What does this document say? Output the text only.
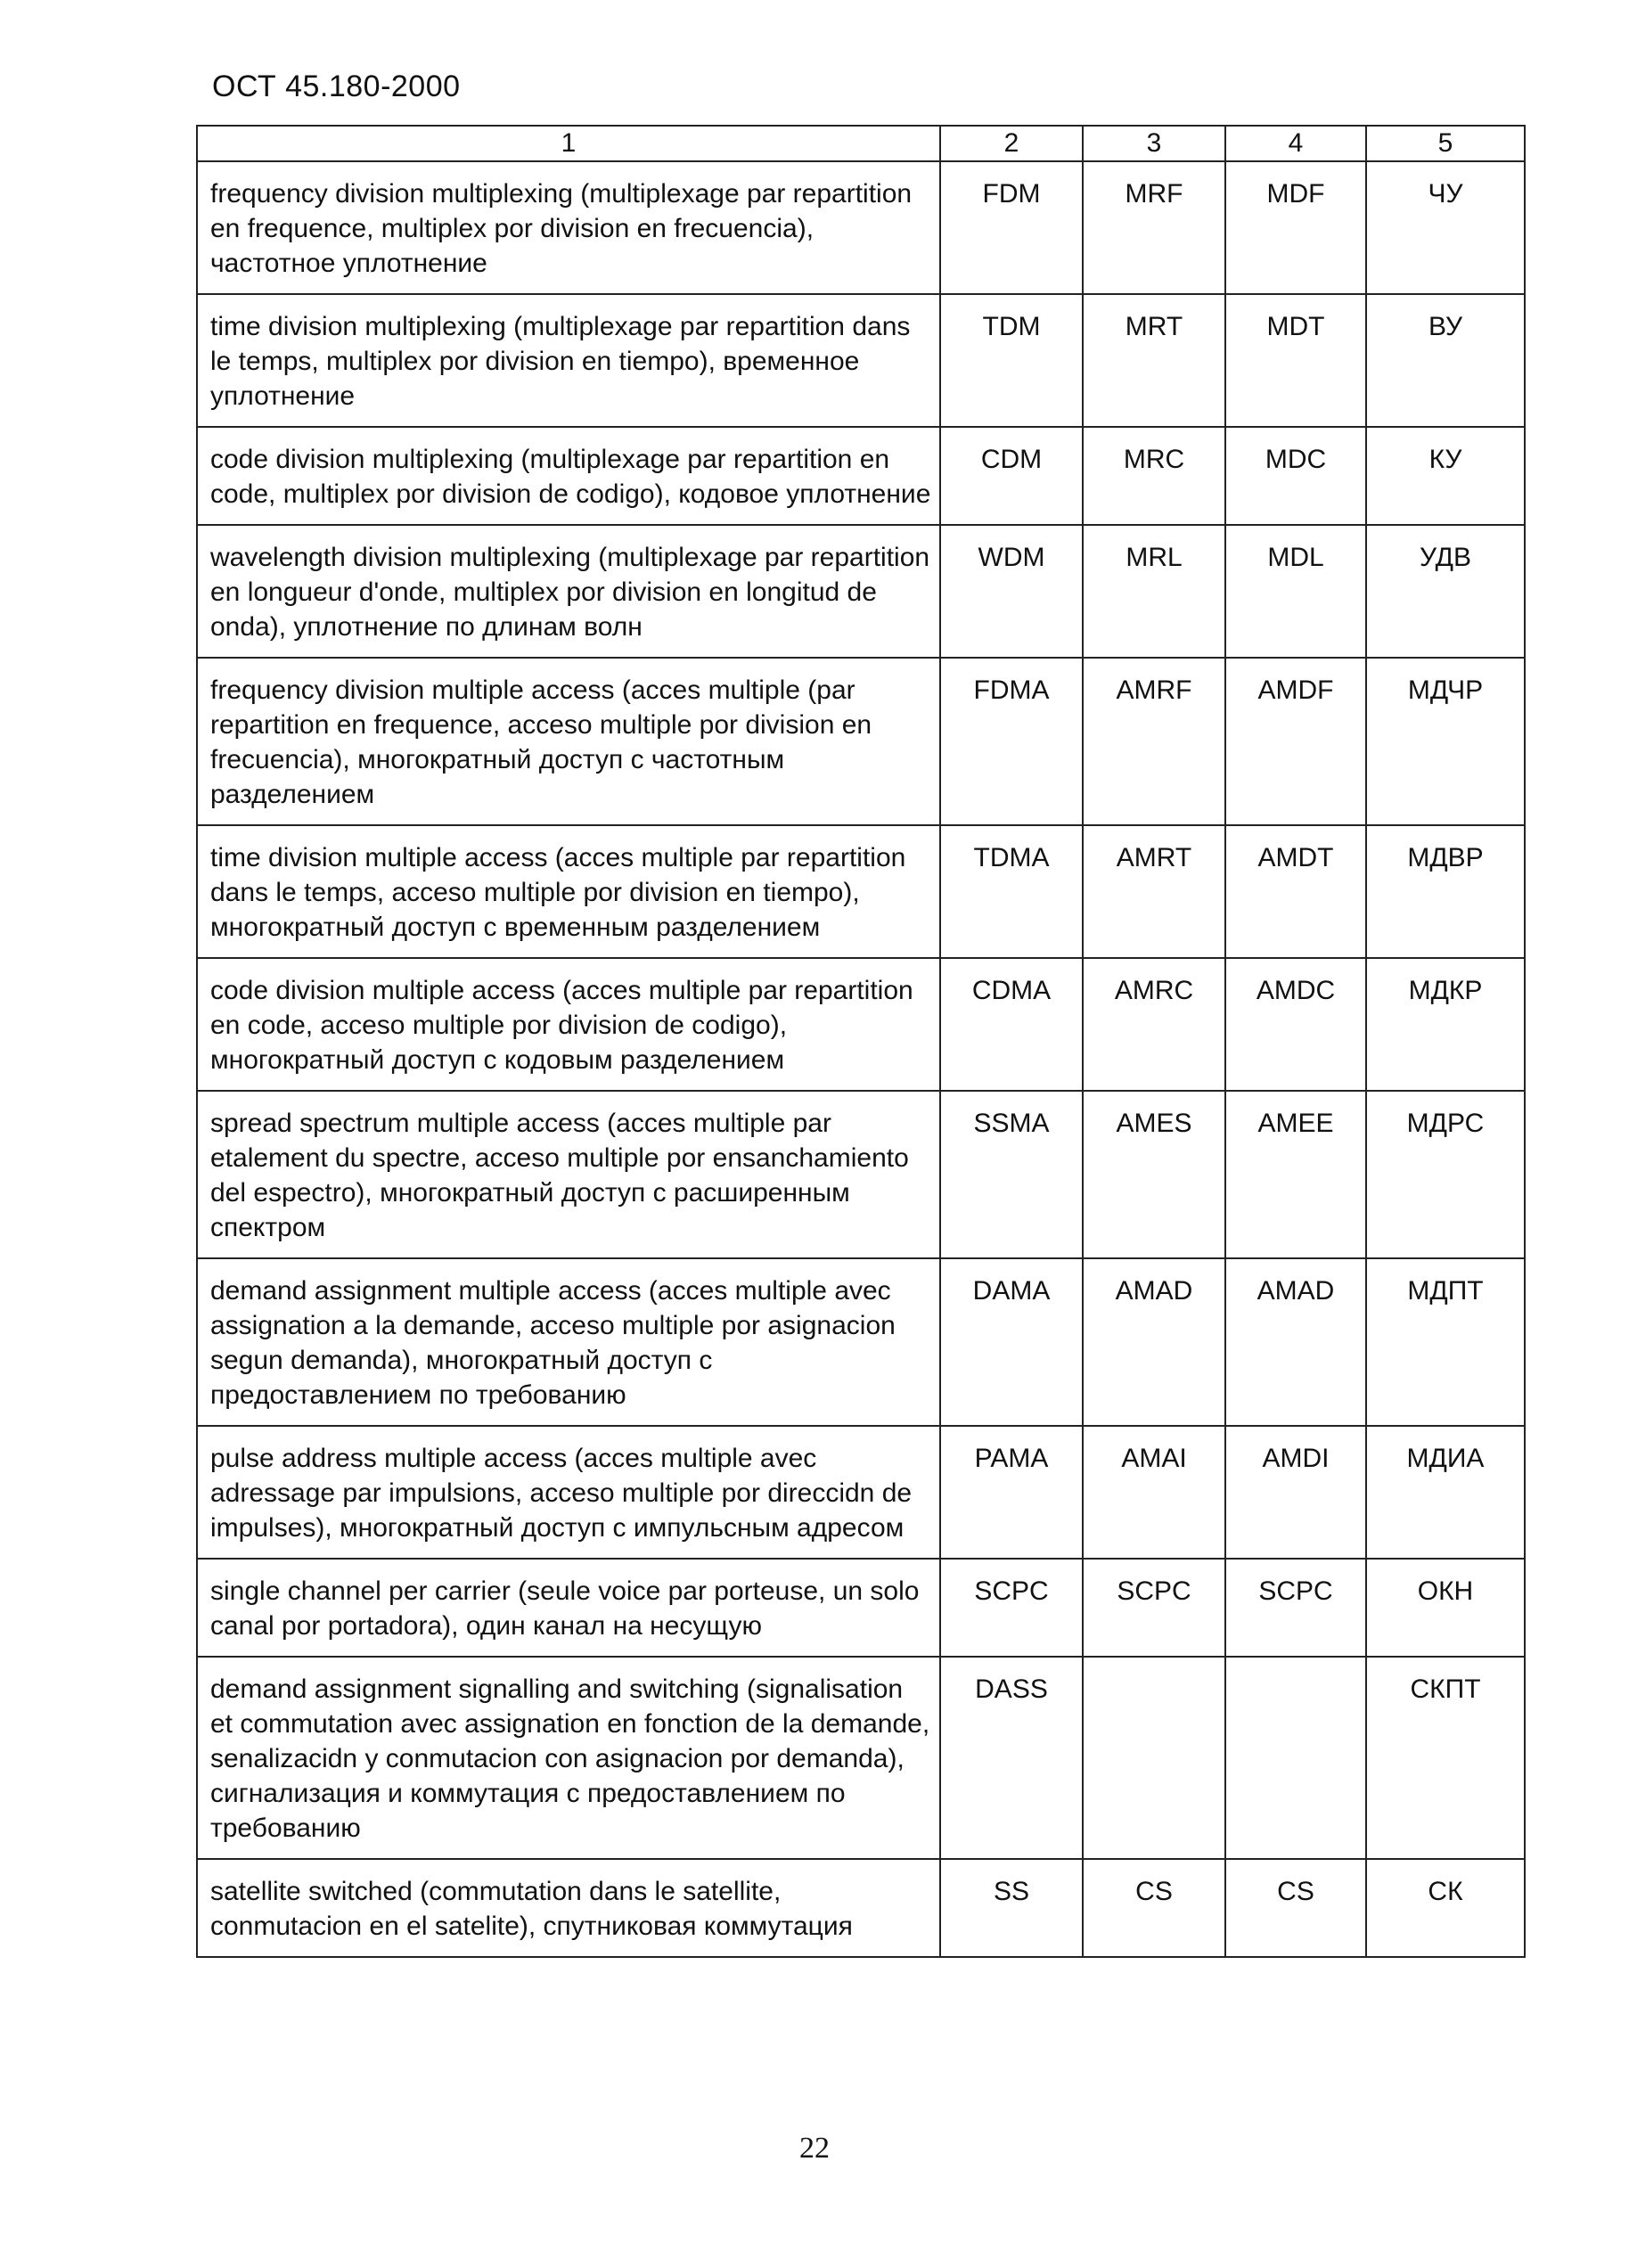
ОСТ 45.180-2000
1	2	3	4	5
frequency division multiplexing (multiplexage par repartition en frequence, multiplex por division en frecuencia), частотное уплотнение	FDM	MRF	MDF	ЧУ
time division multiplexing (multiplexage par repartition dans le temps, multiplex por division en tiempo), временное уплотнение	TDM	MRT	MDT	ВУ
code division multiplexing (multiplexage par repartition en code, multiplex por division de codigo), кодовое уплотнение	CDM	MRC	MDC	КУ
wavelength division multiplexing (multiplexage par repartition en longueur d'onde, multiplex por division en longitud de onda), уплотнение по длинам волн	WDM	MRL	MDL	УДВ
frequency division multiple access (acces multiple (par repartition en frequence, acceso multiple por division en frecuencia), многократный доступ с частотным разделением	FDMA	AMRF	AMDF	МДЧР
time division multiple access (acces multiple par repartition dans le temps, acceso multiple por division en tiempo), многократный доступ с временным разделением	TDMA	AMRT	AMDT	МДВР
code division multiple access (acces multiple par repartition en code, acceso multiple por division de codigo), многократный доступ с кодовым разделением	CDMA	AMRC	AMDC	МДКР
spread spectrum multiple access (acces multiple par etalement du spectre, acceso multiple por ensanchamiento del espectro), многократный доступ с расширенным спектром	SSMA	AMES	AMEE	МДРС
demand assignment multiple access (acces multiple avec assignation a la demande, acceso multiple por asignacion segun demanda), многократный доступ с предоставлением по требованию	DAMA	AMAD	AMAD	МДПТ
pulse address multiple access (acces multiple avec adressage par impulsions, acceso multiple por direccidn de impulses), многократный доступ с импульсным адресом	PAMA	AMAI	AMDI	МДИА
single channel per carrier (seule voice par porteuse, un solo canal por portadora), один канал на несущую	SCPC	SCPC	SCPC	ОКН
demand assignment signalling and switching (signalisation et commutation avec assignation en fonction de la demande, senalizacidn y conmutacion con asignacion por demanda), сигнализация и коммутация с предоставлением по требованию	DASS			СКПТ
satellite switched (commutation dans le satellite, conmutacion en el satelite), спутниковая коммутация	SS	CS	CS	СК
22
